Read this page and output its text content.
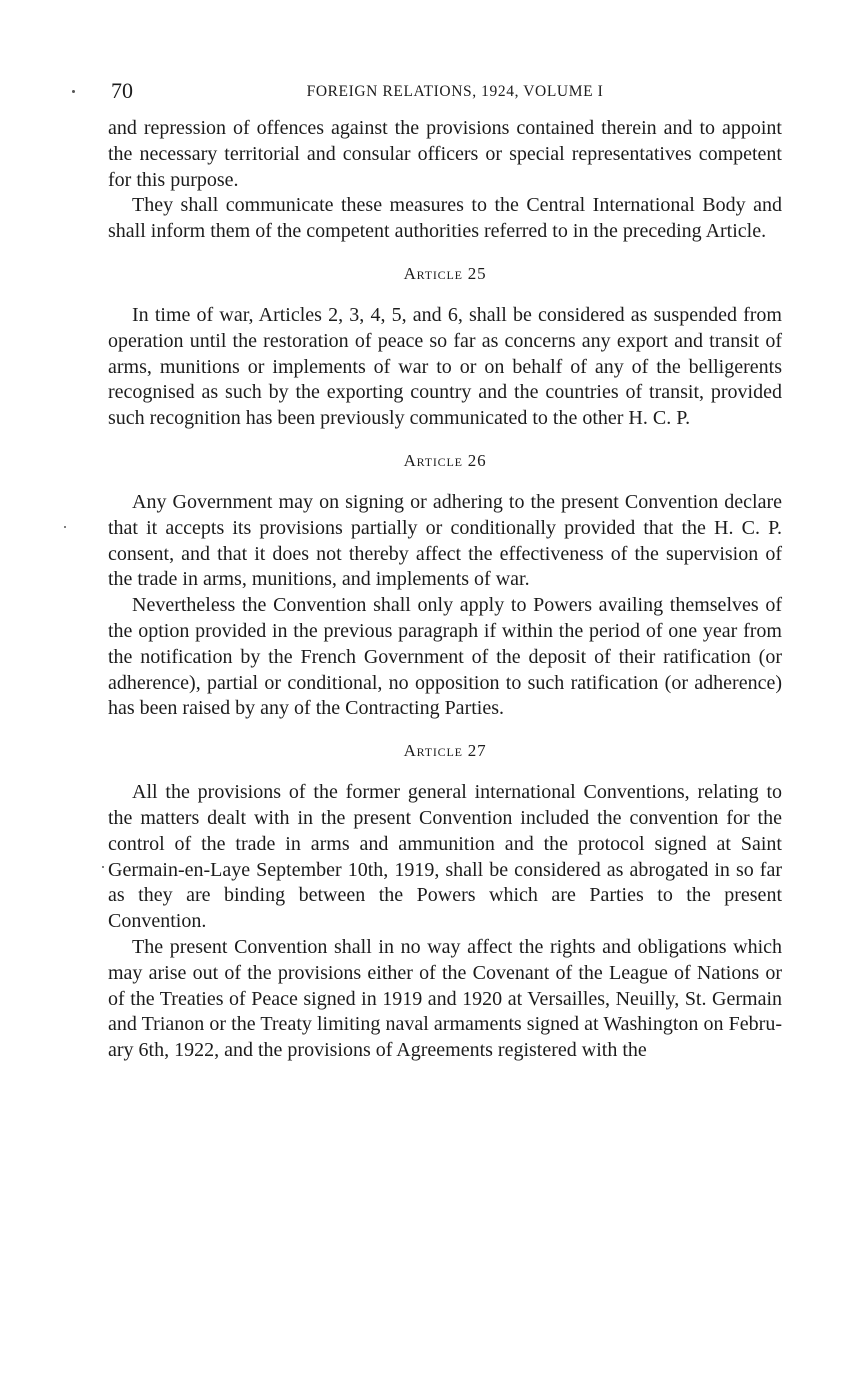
70	FOREIGN RELATIONS, 1924, VOLUME I

and repression of offences against the provisions contained therein and to appoint the necessary territorial and consular officers or special representatives competent for this purpose.

They shall communicate these measures to the Central International Body and shall inform them of the competent authorities referred to in the preceding Article.

Article 25

In time of war, Articles 2, 3, 4, 5, and 6, shall be considered as suspended from operation until the restoration of peace so far as concerns any export and transit of arms, munitions or implements of war to or on behalf of any of the belligerents recognised as such by the exporting country and the countries of transit, provided such recognition has been previously communicated to the other H. C. P.

Article 26

Any Government may on signing or adhering to the present Convention declare that it accepts its provisions partially or conditionally provided that the H. C. P. consent, and that it does not thereby affect the effectiveness of the supervision of the trade in arms, munitions, and implements of war.

Nevertheless the Convention shall only apply to Powers availing themselves of the option provided in the previous paragraph if within the period of one year from the notification by the French Government of the deposit of their ratification (or adherence), partial or conditional, no opposition to such ratification (or adherence) has been raised by any of the Contracting Parties.

Article 27

All the provisions of the former general international Conventions, relating to the matters dealt with in the present Convention included the convention for the control of the trade in arms and ammunition and the protocol signed at Saint Germain-en-Laye September 10th, 1919, shall be considered as abrogated in so far as they are binding between the Powers which are Parties to the present Convention.

The present Convention shall in no way affect the rights and obligations which may arise out of the provisions either of the Covenant of the League of Nations or of the Treaties of Peace signed in 1919 and 1920 at Versailles, Neuilly, St. Germain and Trianon or the Treaty limiting naval armaments signed at Washington on February 6th, 1922, and the provisions of Agreements registered with the
